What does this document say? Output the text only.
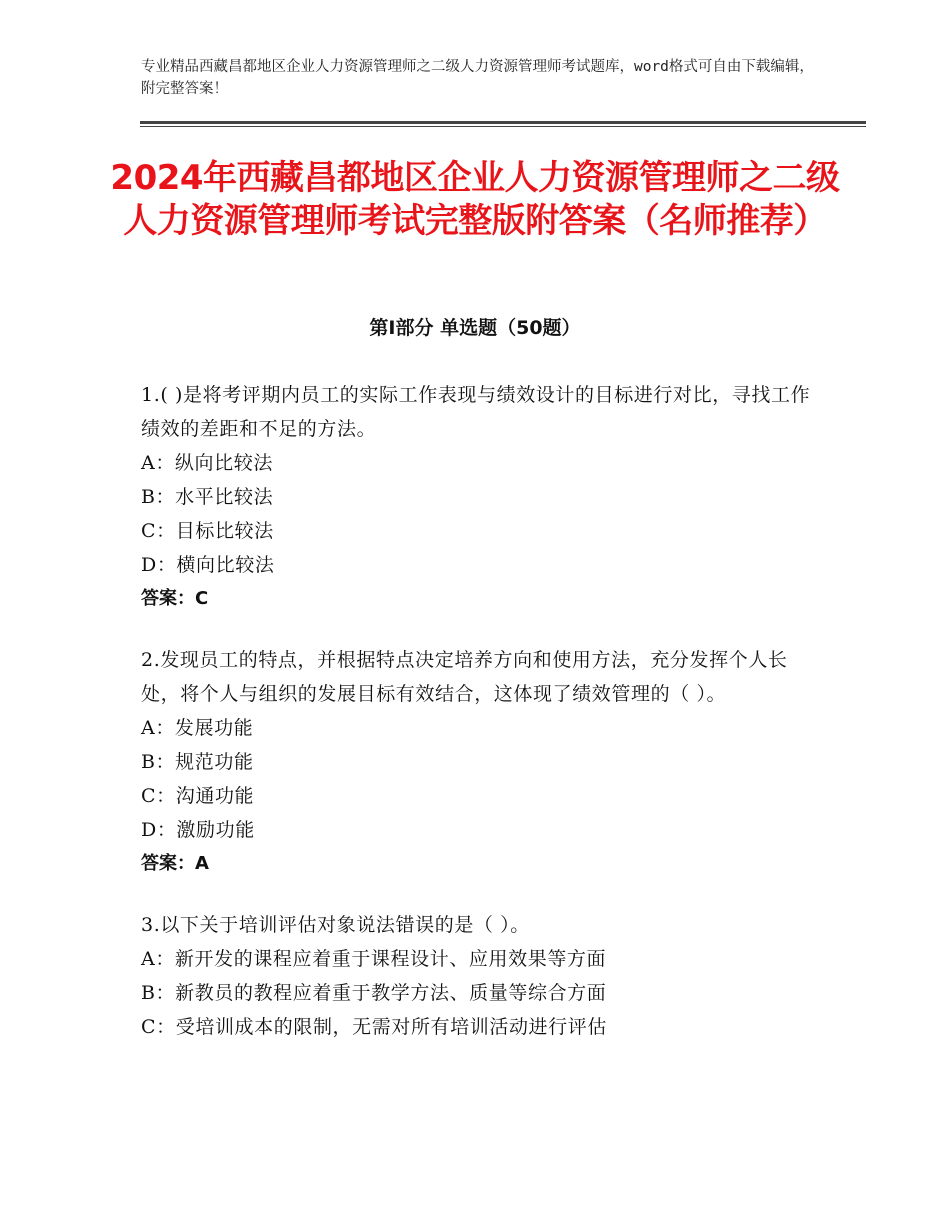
专业精品西藏昌都地区企业人力资源管理师之二级人力资源管理师考试题库，word格式可自由下载编辑，附完整答案！
2024年西藏昌都地区企业人力资源管理师之二级人力资源管理师考试完整版附答案（名师推荐）
第Ⅰ部分 单选题（50题）
1.( )是将考评期内员工的实际工作表现与绩效设计的目标进行对比，寻找工作绩效的差距和不足的方法。
A：纵向比较法
B：水平比较法
C：目标比较法
D：横向比较法
答案：C
2.发现员工的特点，并根据特点决定培养方向和使用方法，充分发挥个人长处，将个人与组织的发展目标有效结合，这体现了绩效管理的（ ）。
A：发展功能
B：规范功能
C：沟通功能
D：激励功能
答案：A
3.以下关于培训评估对象说法错误的是（ ）。
A：新开发的课程应着重于课程设计、应用效果等方面
B：新教员的教程应着重于教学方法、质量等综合方面
C：受培训成本的限制，无需对所有培训活动进行评估
